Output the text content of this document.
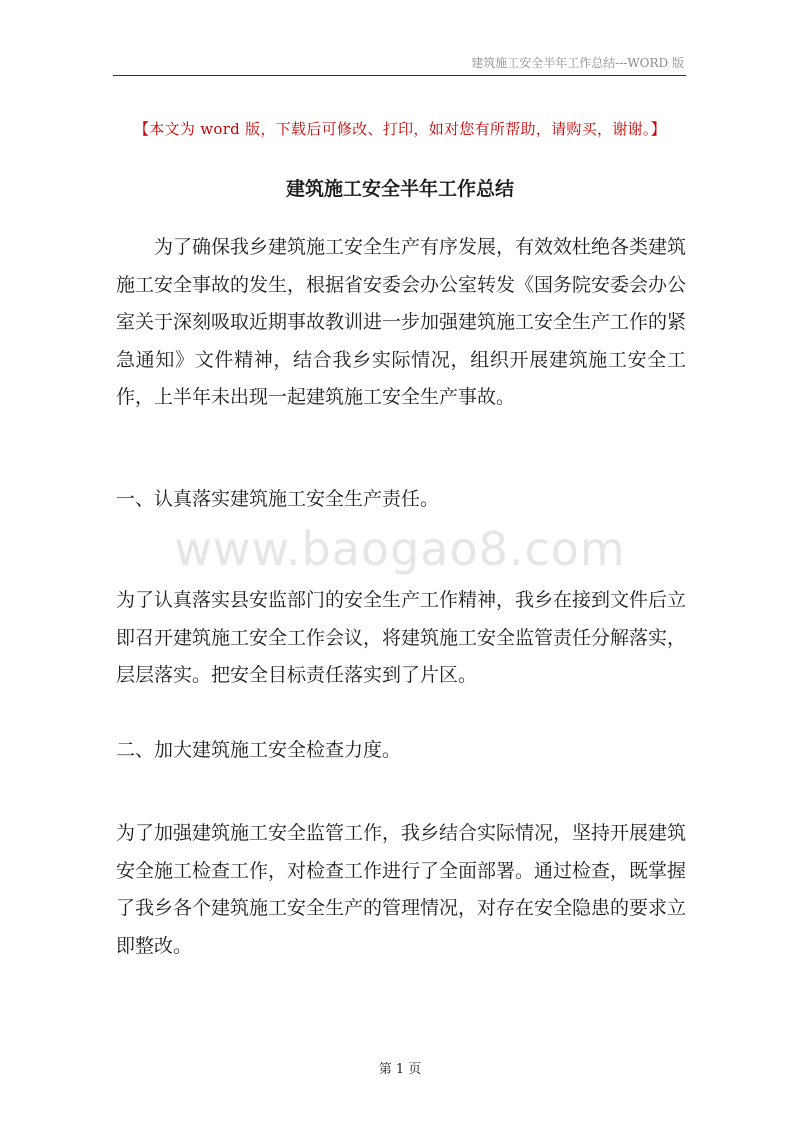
建筑施工安全半年工作总结---WORD 版
【本文为 word 版，下载后可修改、打印，如对您有所帮助，请购买，谢谢。】
建筑施工安全半年工作总结

为了确保我乡建筑施工安全生产有序发展，有效效杜绝各类建筑施工安全事故的发生，根据省安委会办公室转发《国务院安委会办公室关于深刻吸取近期事故教训进一步加强建筑施工安全生产工作的紧急通知》文件精神，结合我乡实际情况，组织开展建筑施工安全工作，上半年未出现一起建筑施工安全生产事故。

一、认真落实建筑施工安全生产责任。

www.baogao8.com

为了认真落实县安监部门的安全生产工作精神，我乡在接到文件后立即召开建筑施工安全工作会议，将建筑施工安全监管责任分解落实，层层落实。把安全目标责任落实到了片区。

二、加大建筑施工安全检查力度。

为了加强建筑施工安全监管工作，我乡结合实际情况，坚持开展建筑安全施工检查工作，对检查工作进行了全面部署。通过检查，既掌握了我乡各个建筑施工安全生产的管理情况，对存在安全隐患的要求立即整改。

第 1 页
